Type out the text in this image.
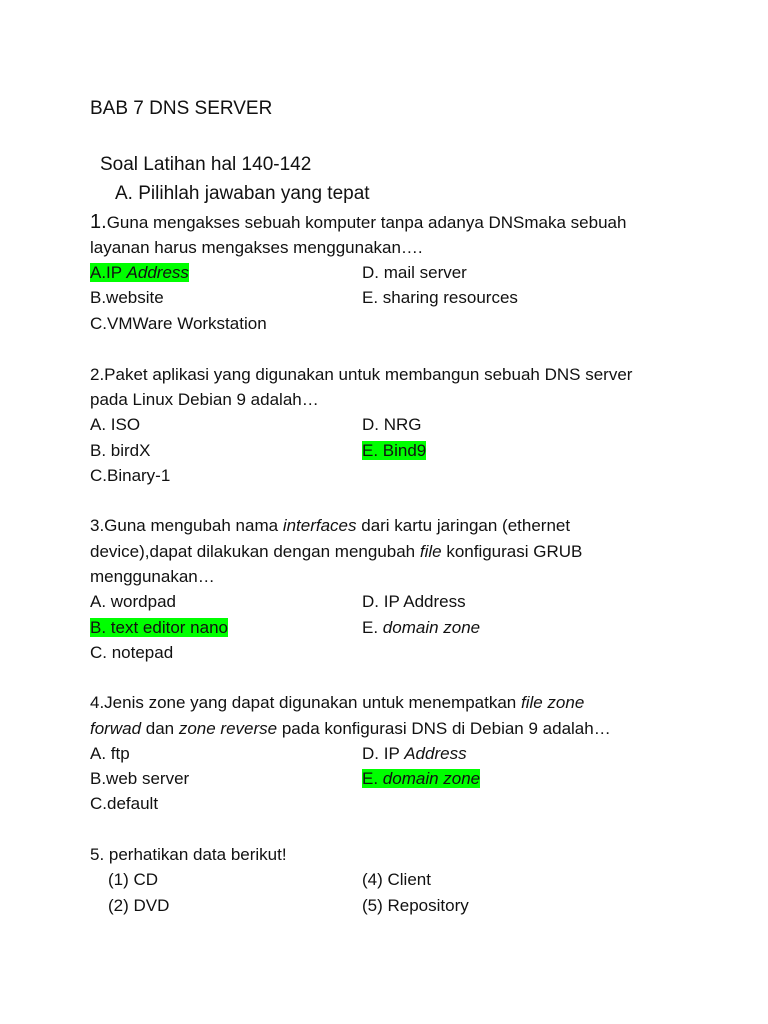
BAB 7 DNS SERVER
Soal Latihan hal 140-142
A. Pilihlah jawaban yang tepat
1.Guna mengakses sebuah komputer tanpa adanya DNSmaka sebuah
layanan harus mengakses menggunakan….
A.IP Address	D. mail server
B.website	E. sharing resources
C.VMWare Workstation
2.Paket aplikasi yang digunakan untuk membangun sebuah DNS server
pada Linux Debian 9 adalah…
A. ISO	D. NRG
B. birdX	E. Bind9
C.Binary-1
3.Guna mengubah nama interfaces dari kartu jaringan (ethernet
device),dapat dilakukan dengan mengubah file konfigurasi GRUB
menggunakan…
A. wordpad	D. IP Address
B. text editor nano	E. domain zone
C. notepad
4.Jenis zone yang dapat digunakan untuk menempatkan file zone
forwad dan zone reverse pada konfigurasi DNS di Debian 9 adalah…
A. ftp	D. IP Address
B.web server	E. domain zone
C.default
5. perhatikan data berikut!
(1) CD	(4) Client
(2) DVD	(5) Repository
